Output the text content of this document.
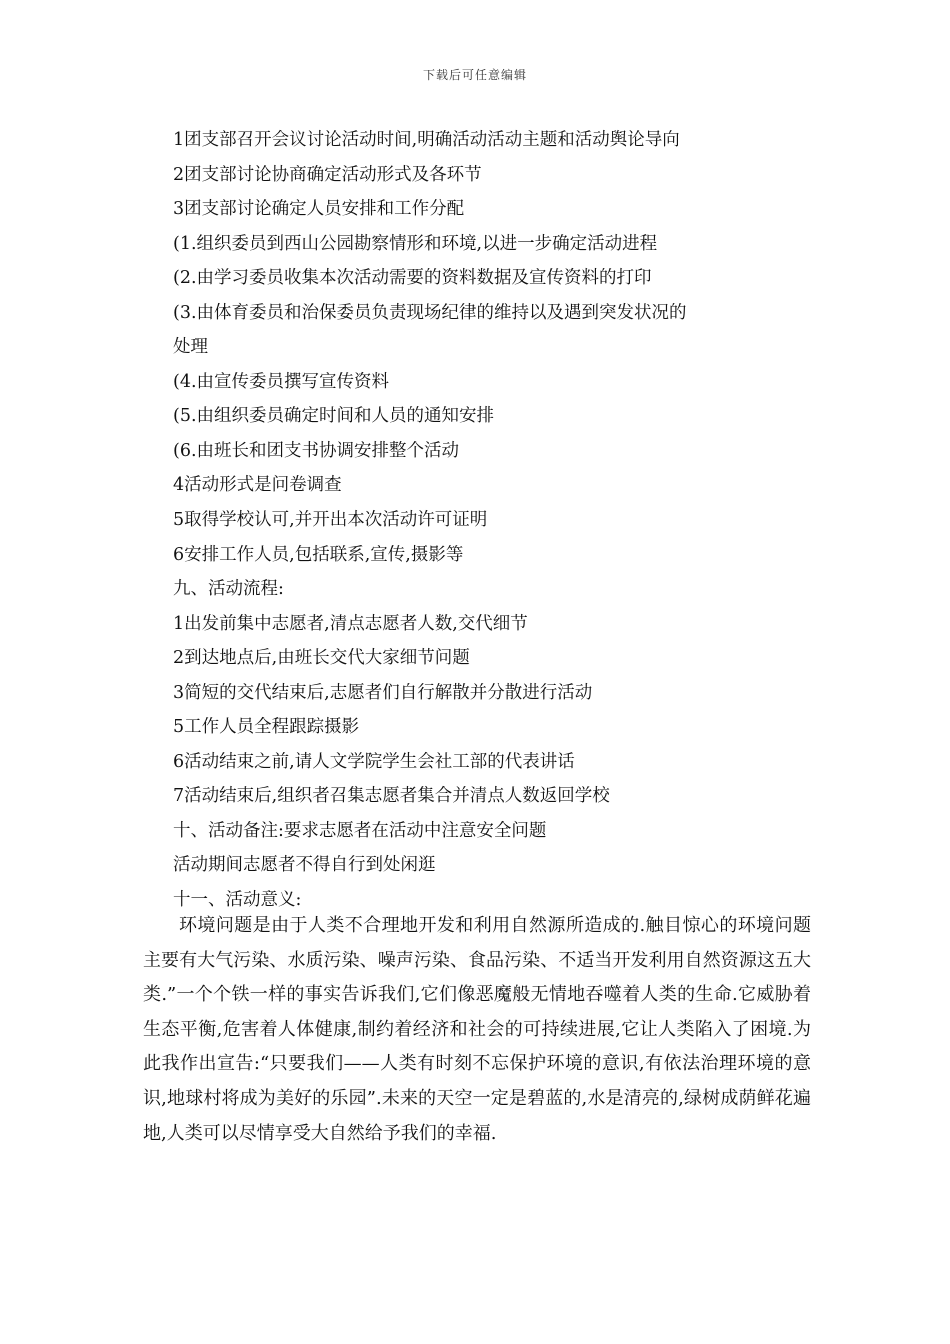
下载后可任意编辑
1团支部召开会议讨论活动时间,明确活动活动主题和活动舆论导向
2团支部讨论协商确定活动形式及各环节
3团支部讨论确定人员安排和工作分配
(1.组织委员到西山公园勘察情形和环境,以进一步确定活动进程
(2.由学习委员收集本次活动需要的资料数据及宣传资料的打印
(3.由体育委员和治保委员负责现场纪律的维持以及遇到突发状况的
处理
(4.由宣传委员撰写宣传资料
(5.由组织委员确定时间和人员的通知安排
(6.由班长和团支书协调安排整个活动
4活动形式是问卷调查
5取得学校认可,并开出本次活动许可证明
6安排工作人员,包括联系,宣传,摄影等
九、活动流程:
1出发前集中志愿者,清点志愿者人数,交代细节
2到达地点后,由班长交代大家细节问题
3简短的交代结束后,志愿者们自行解散并分散进行活动
5工作人员全程跟踪摄影
6活动结束之前,请人文学院学生会社工部的代表讲话
7活动结束后,组织者召集志愿者集合并清点人数返回学校
十、活动备注:要求志愿者在活动中注意安全问题
活动期间志愿者不得自行到处闲逛
十一、活动意义:

环境问题是由于人类不合理地开发和利用自然源所造成的.触目惊心的环境问题主要有大气污染、水质污染、噪声污染、食品污染、不适当开发利用自然资源这五大类.”一个个铁一样的事实告诉我们,它们像恶魔般无情地吞噬着人类的生命.它威胁着生态平衡,危害着人体健康,制约着经济和社会的可持续进展,它让人类陷入了困境.为此我作出宣告:“只要我们——人类有时刻不忘保护环境的意识,有依法治理环境的意识,地球村将成为美好的乐园”.未来的天空一定是碧蓝的,水是清亮的,绿树成荫鲜花遍地,人类可以尽情享受大自然给予我们的幸福.
